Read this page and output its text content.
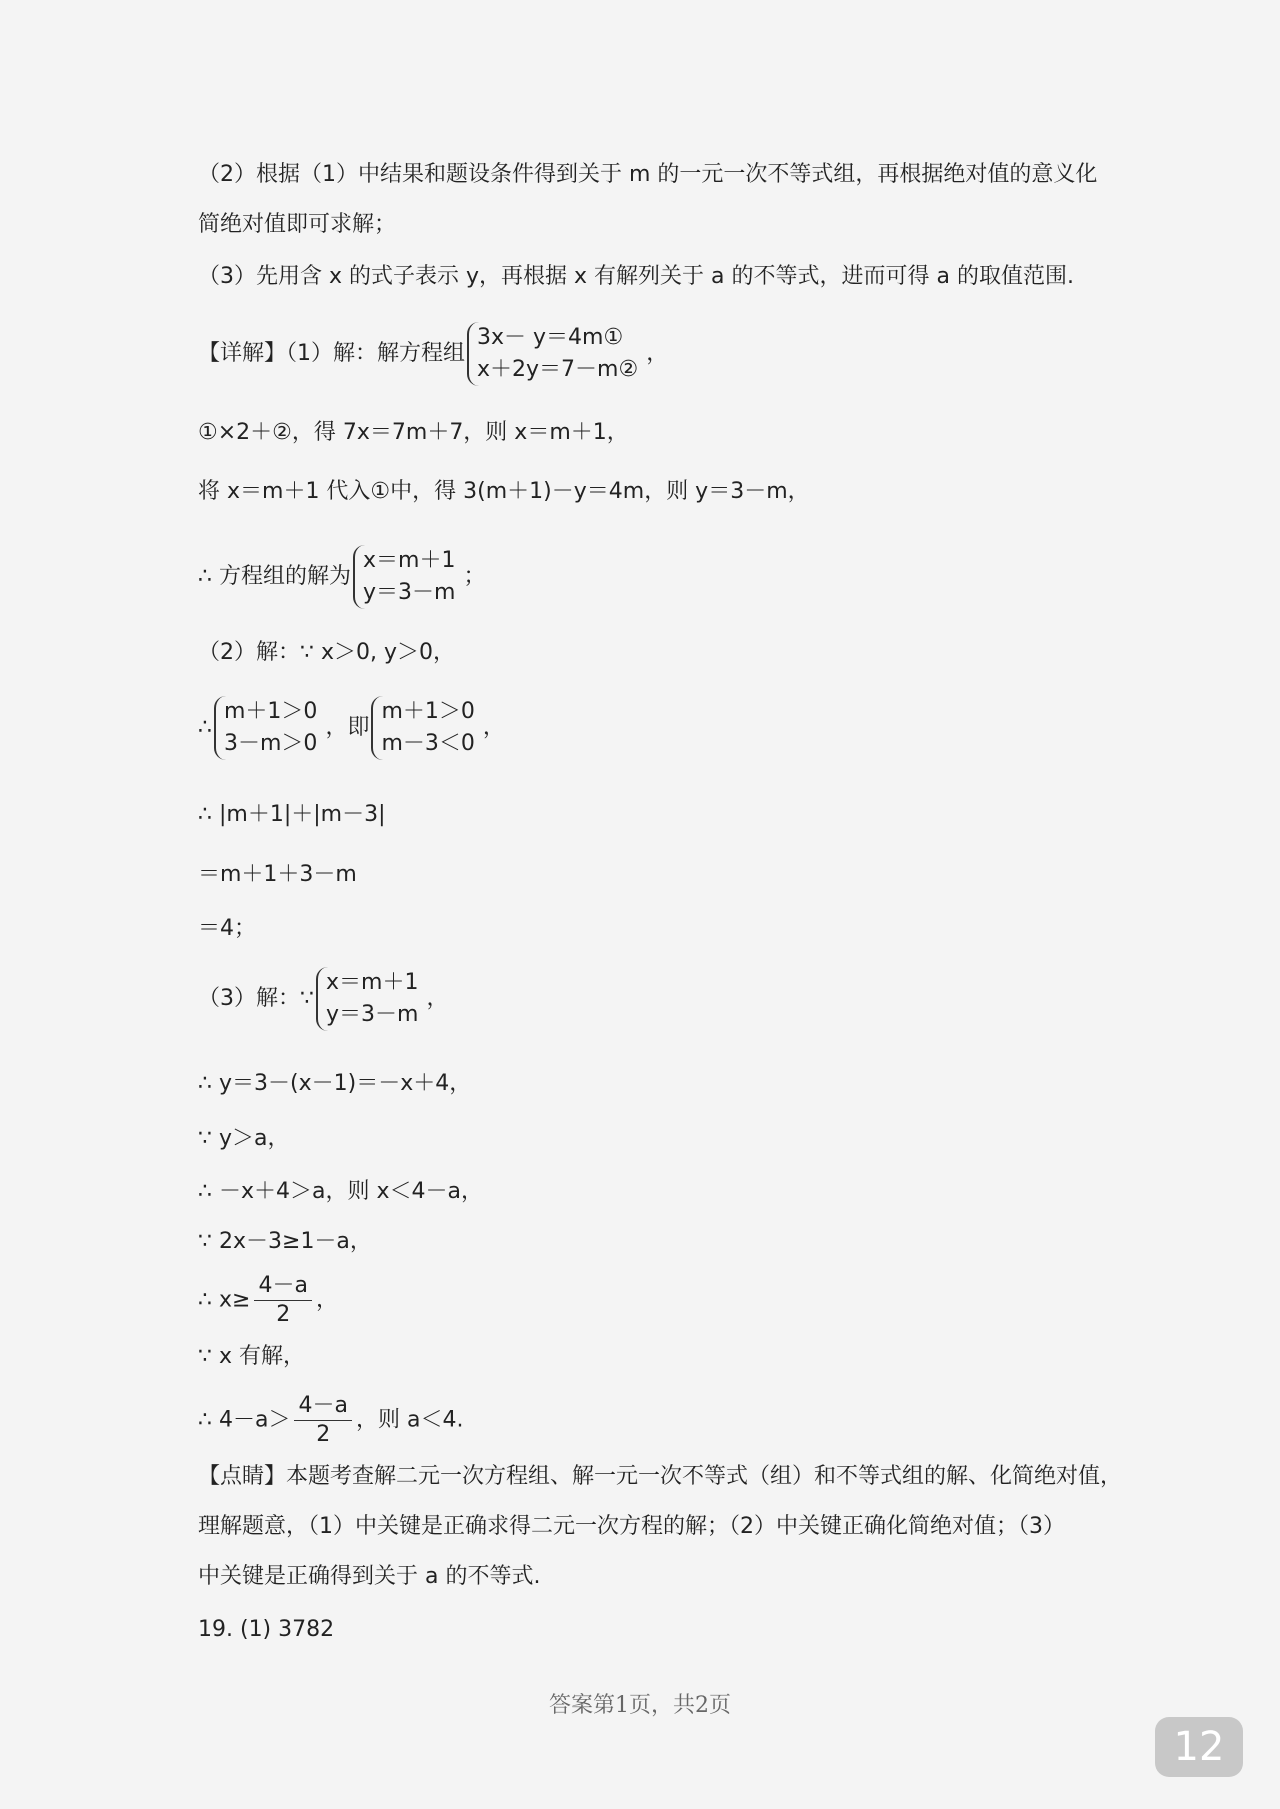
（2）根据（1）中结果和题设条件得到关于 m 的一元一次不等式组，再根据绝对值的意义化
简绝对值即可求解；
（3）先用含 x 的式子表示 y，再根据 x 有解列关于 a 的不等式，进而可得 a 的取值范围.
【详解】（1）解：解方程组
3x－ y＝4m①
x＋2y＝7－m②
，
①×2＋②，得 7x＝7m＋7，则 x＝m＋1，
将 x＝m＋1 代入①中，得 3(m＋1)－y＝4m，则 y＝3－m，
∴ 方程组的解为
x＝m＋1
y＝3－m
；
（2）解：∵ x＞0, y＞0，
∴
m＋1＞0
3－m＞0
，即
m＋1＞0
m－3＜0
，
∴ |m＋1|＋|m－3|
＝m＋1＋3－m
＝4；
（3）解：∵
x＝m＋1
y＝3－m
，
∴ y＝3－(x－1)＝－x＋4，
∵ y＞a，
∴ －x＋4＞a，则 x＜4－a，
∵ 2x－3≥1－a，
∴ $x\ge \frac{4-a}{2}$ ，
∵ x 有解，
∴ $4-a> \frac{4-a}{2}$ ，则 a＜4.
【点睛】本题考查解二元一次方程组、解一元一次不等式（组）和不等式组的解、化简绝对值，
理解题意，（1）中关键是正确求得二元一次方程的解；（2）中关键正确化简绝对值；（3）
中关键是正确得到关于 a 的不等式.
19. (1) 3782
答案第1页，共2页
12
